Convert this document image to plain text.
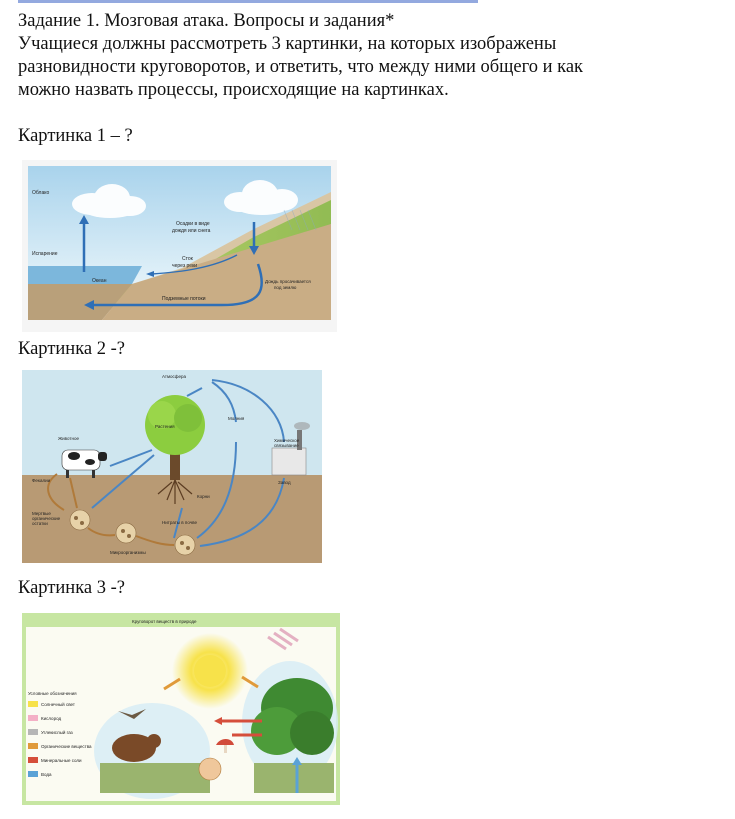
Задание 1. Мозговая атака. Вопросы и задания*
Учащиеся должны рассмотреть 3 картинки, на которых изображены
разновидности круговоротов, и ответить, что между ними общего и как
можно назвать процессы, происходящие на картинках.
Картинка 1 – ?
Облако
Осадки в виде
дождя или снега
Испарение
Сток
через реки
Океан	Дождь просачивается
под землю
Подземные потоки
Картинка 2 -?
Атмосфера
Молния
Растения
Животное	Химическое
связывание
Завод
Фекалии
Корни
Мертвые
органические
остатки	Нитраты в почве
Микроорганизмы
Картинка 3 -?
Круговорот веществ в природе
Условные обозначения
Солнечный свет
Кислород
Углекислый газ
Органические вещества
Минеральные соли
Вода
